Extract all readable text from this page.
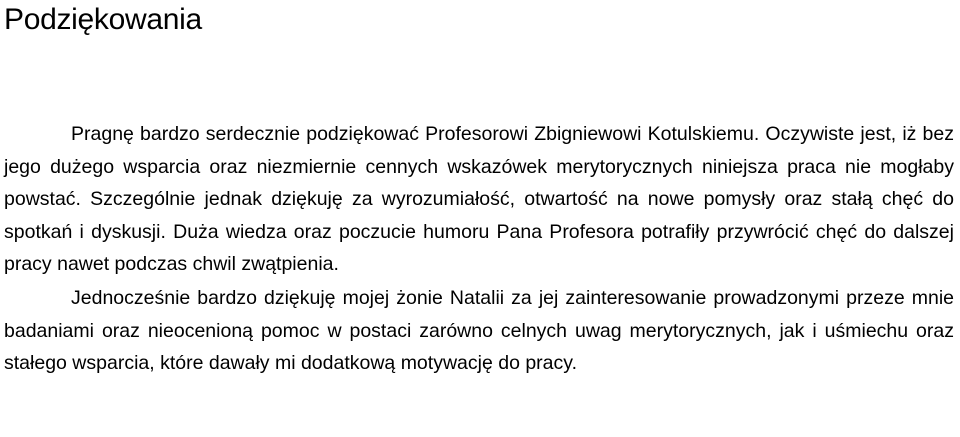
Podziękowania

Pragnę bardzo serdecznie podziękować Profesorowi Zbigniewowi Kotulskiemu. Oczywiste jest, iż bez jego dużego wsparcia oraz niezmiernie cennych wskazówek merytorycznych niniejsza praca nie mogłaby powstać. Szczególnie jednak dziękuję za wyrozumiałość, otwartość na nowe pomysły oraz stałą chęć do spotkań i dyskusji. Duża wiedza oraz poczucie humoru Pana Profesora potrafiły przywrócić chęć do dalszej pracy nawet podczas chwil zwątpienia.

Jednocześnie bardzo dziękuję mojej żonie Natalii za jej zainteresowanie prowadzonymi przeze mnie badaniami oraz nieocenioną pomoc w postaci zarówno celnych uwag merytorycznych, jak i uśmiechu oraz stałego wsparcia, które dawały mi dodatkową motywację do pracy.
